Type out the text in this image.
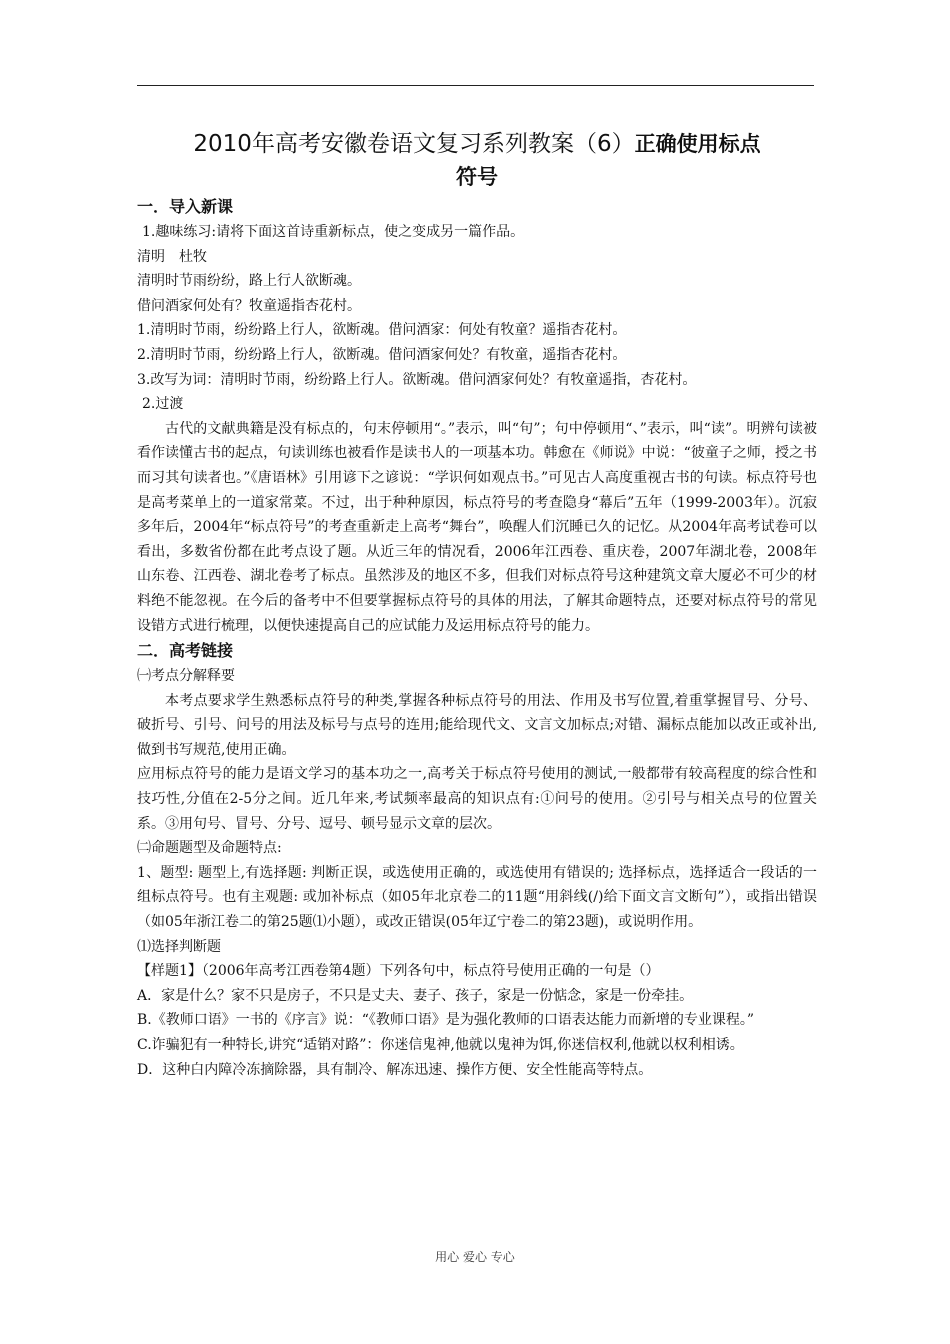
2010年高考安徽卷语文复习系列教案（6）正确使用标点
符号
一．导入新课

1.趣味练习:请将下面这首诗重新标点，使之变成另一篇作品。

清明　杜牧

清明时节雨纷纷，路上行人欲断魂。

借问酒家何处有？牧童遥指杏花村。

1.清明时节雨，纷纷路上行人，欲断魂。借问酒家：何处有牧童？遥指杏花村。

2.清明时节雨，纷纷路上行人，欲断魂。借问酒家何处？有牧童，遥指杏花村。

3.改写为词：清明时节雨，纷纷路上行人。欲断魂。借问酒家何处？有牧童遥指，杏花村。

2.过渡

古代的文献典籍是没有标点的，句末停顿用“。”表示，叫“句”；句中停顿用“、”表示，叫“读”。明辨句读被看作读懂古书的起点，句读训练也被看作是读书人的一项基本功。韩愈在《师说》中说：“彼童子之师，授之书而习其句读者也。”《唐语林》引用谚下之谚说：“学识何如观点书。”可见古人高度重视古书的句读。标点符号也是高考菜单上的一道家常菜。不过，出于种种原因，标点符号的考查隐身“幕后”五年（1999-2003年）。沉寂多年后，2004年“标点符号”的考查重新走上高考“舞台”，唤醒人们沉睡已久的记忆。从2004年高考试卷可以看出，多数省份都在此考点设了题。从近三年的情况看，2006年江西卷、重庆卷，2007年湖北卷，2008年山东卷、江西卷、湖北卷考了标点。虽然涉及的地区不多，但我们对标点符号这种建筑文章大厦必不可少的材料绝不能忽视。在今后的备考中不但要掌握标点符号的具体的用法，了解其命题特点，还要对标点符号的常见设错方式进行梳理，以便快速提高自己的应试能力及运用标点符号的能力。

二．高考链接

㈠考点分解释要

本考点要求学生熟悉标点符号的种类,掌握各种标点符号的用法、作用及书写位置,着重掌握冒号、分号、破折号、引号、问号的用法及标号与点号的连用;能给现代文、文言文加标点;对错、漏标点能加以改正或补出,做到书写规范,使用正确。

应用标点符号的能力是语文学习的基本功之一,高考关于标点符号使用的测试,一般都带有较高程度的综合性和技巧性,分值在2-5分之间。近几年来,考试频率最高的知识点有:①问号的使用。②引号与相关点号的位置关系。③用句号、冒号、分号、逗号、顿号显示文章的层次。

㈡命题题型及命题特点:

1、题型: 题型上,有选择题: 判断正误，或选使用正确的，或选使用有错误的; 选择标点，选择适合一段话的一组标点符号。也有主观题: 或加补标点（如05年北京卷二的11题“用斜线(/)给下面文言文断句”），或指出错误（如05年浙江卷二的第25题⑴小题），或改正错误(05年辽宁卷二的第23题)，或说明作用。

⑴选择判断题

【样题1】（2006年高考江西卷第4题）下列各句中，标点符号使用正确的一句是（）

A．家是什么？家不只是房子，不只是丈夫、妻子、孩子，家是一份惦念，家是一份牵挂。

B.《教师口语》一书的《序言》说：“《教师口语》是为强化教师的口语表达能力而新增的专业课程。”

C.诈骗犯有一种特长,讲究“适销对路”：你迷信鬼神,他就以鬼神为饵,你迷信权利,他就以权利相诱。

D．这种白内障冷冻摘除器，具有制冷、解冻迅速、操作方便、安全性能高等特点。

用心 爱心 专心
